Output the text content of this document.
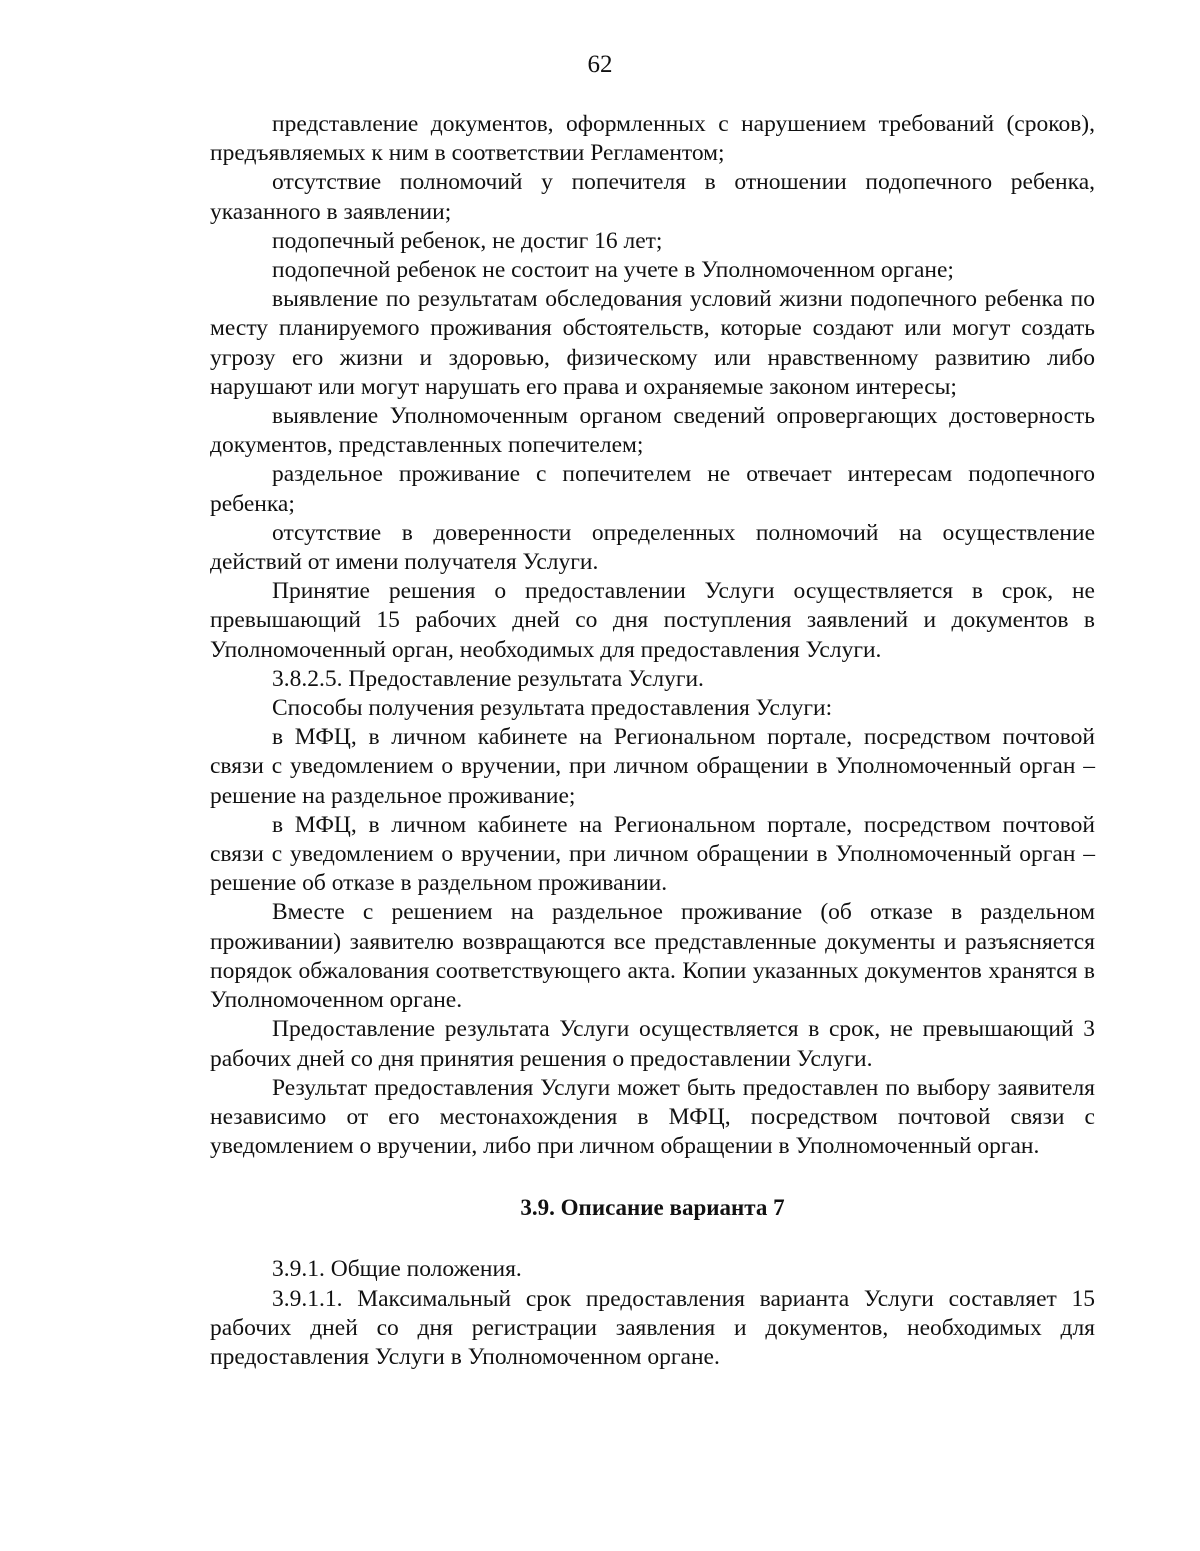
62

представление документов, оформленных с нарушением требований (сроков), предъявляемых к ним в соответствии Регламентом;

отсутствие полномочий у попечителя в отношении подопечного ребенка, указанного в заявлении;

подопечный ребенок, не достиг 16 лет;

подопечной ребенок не состоит на учете в Уполномоченном органе;

выявление по результатам обследования условий жизни подопечного ребенка по месту планируемого проживания обстоятельств, которые создают или могут создать угрозу его жизни и здоровью, физическому или нравственному развитию либо нарушают или могут нарушать его права и охраняемые законом интересы;

выявление Уполномоченным органом сведений опровергающих достоверность документов, представленных попечителем;

раздельное проживание с попечителем не отвечает интересам подопечного ребенка;

отсутствие в доверенности определенных полномочий на осуществление действий от имени получателя Услуги.

Принятие решения о предоставлении Услуги осуществляется в срок, не превышающий 15 рабочих дней со дня поступления заявлений и документов в Уполномоченный орган, необходимых для предоставления Услуги.

3.8.2.5. Предоставление результата Услуги.

Способы получения результата предоставления Услуги:

в МФЦ, в личном кабинете на Региональном портале, посредством почтовой связи с уведомлением о вручении, при личном обращении в Уполномоченный орган – решение на раздельное проживание;

в МФЦ, в личном кабинете на Региональном портале, посредством почтовой связи с уведомлением о вручении, при личном обращении в Уполномоченный орган – решение об отказе в раздельном проживании.

Вместе с решением на раздельное проживание (об отказе в раздельном проживании) заявителю возвращаются все представленные документы и разъясняется порядок обжалования соответствующего акта. Копии указанных документов хранятся в Уполномоченном органе.

Предоставление результата Услуги осуществляется в срок, не превышающий 3 рабочих дней со дня принятия решения о предоставлении Услуги.

Результат предоставления Услуги может быть предоставлен по выбору заявителя независимо от его местонахождения в МФЦ, посредством почтовой связи с уведомлением о вручении, либо при личном обращении в Уполномоченный орган.

3.9. Описание варианта 7

3.9.1. Общие положения.

3.9.1.1. Максимальный срок предоставления варианта Услуги составляет 15 рабочих дней со дня регистрации заявления и документов, необходимых для предоставления Услуги в Уполномоченном органе.
